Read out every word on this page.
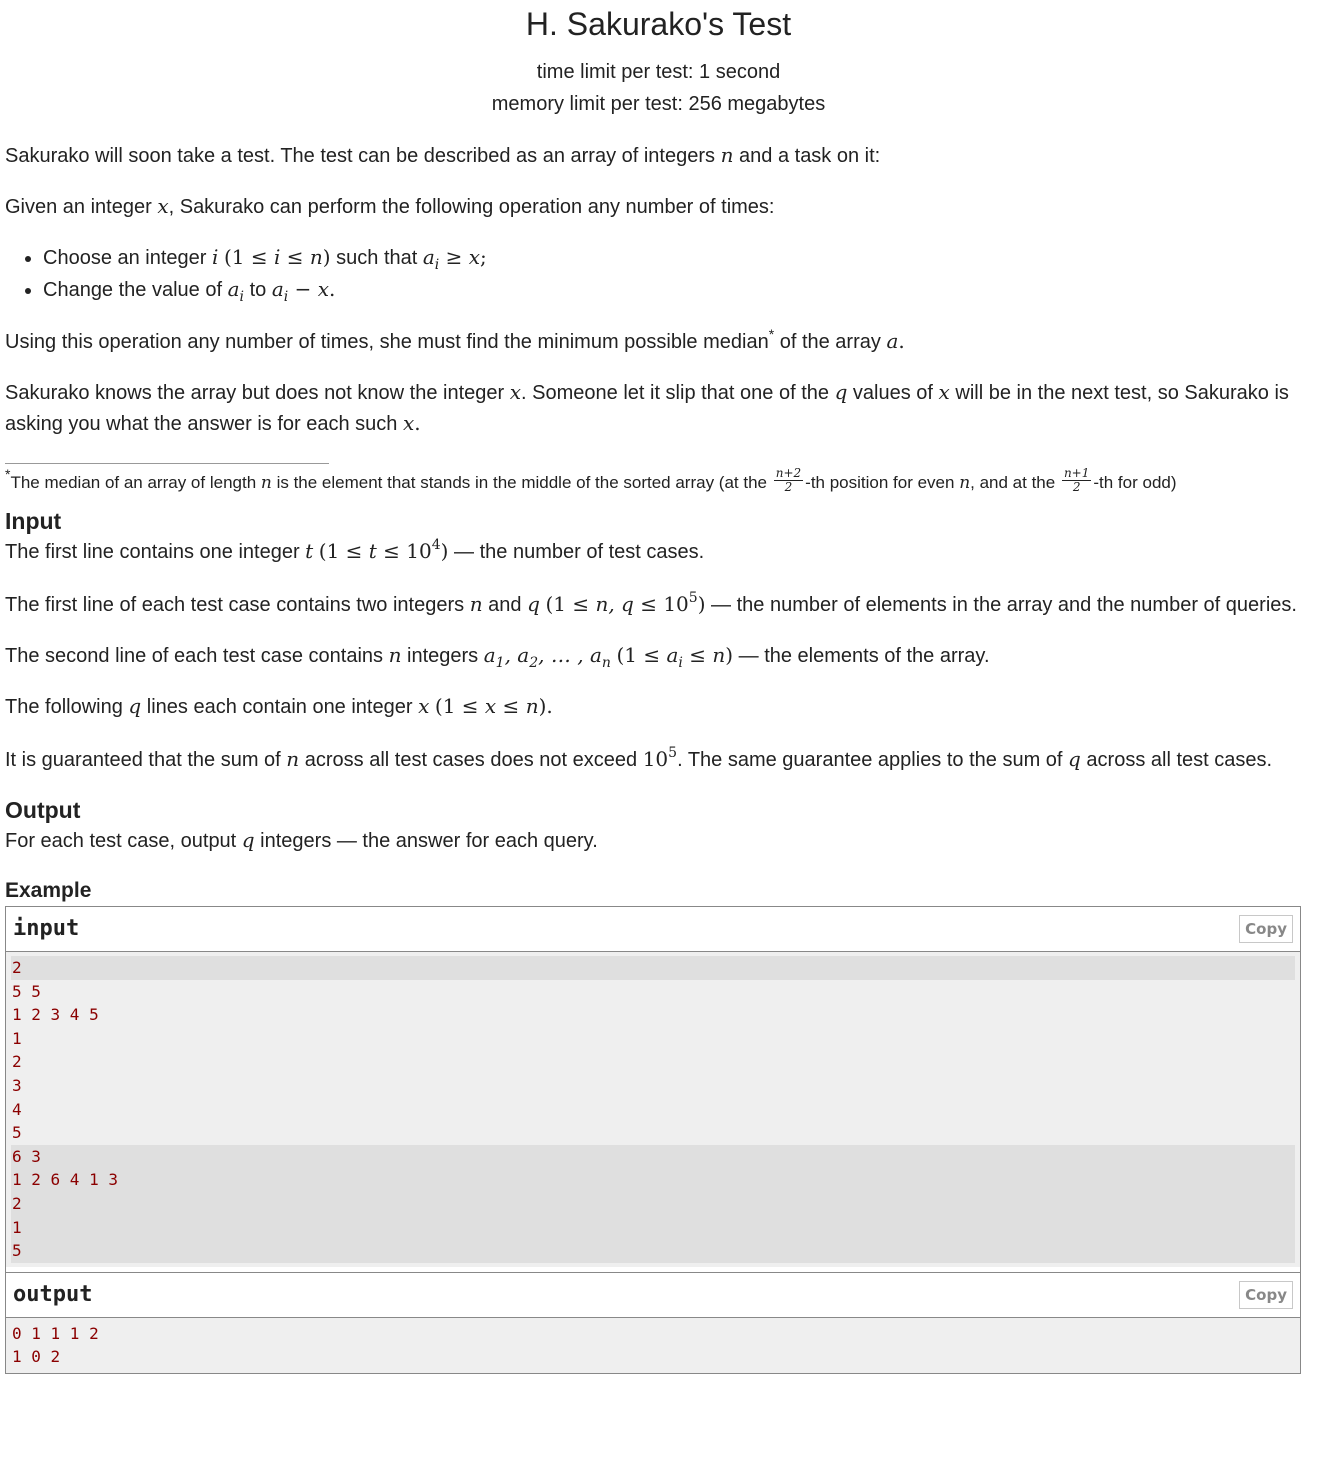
H. Sakurako's Test
time limit per test: 1 second
memory limit per test: 256 megabytes

Sakurako will soon take a test. The test can be described as an array of integers n and a task on it:

Given an integer x, Sakurako can perform the following operation any number of times:

• Choose an integer i (1 ≤ i ≤ n) such that $a_i \ge x$;
• Change the value of $a_i$ to $a_i - x$.

Using this operation any number of times, she must find the minimum possible median* of the array a.

Sakurako knows the array but does not know the integer x. Someone let it slip that one of the q values of x will be in the next test, so Sakurako is asking you what the answer is for each such x.

*The median of an array of length n is the element that stands in the middle of the sorted array (at the $\frac{n+2}{2} -th$ position for even n, and at the $\frac{n+1}{2} -th$ for odd)
Input

The first line contains one integer t $(1 \le t \le 10^4)$ — the number of test cases.

The first line of each test case contains two integers n and q (1 ≤ n, $q \le 10^5$) — the number of elements in the array and the number of queries.

The second line of each test case contains n integers $a_1$, $a_2$, … , $a_n$ $(1 \le a_i \le n)$ — the elements of the array.

The following q lines each contain one integer x (1 ≤ x ≤ n).

It is guaranteed that the sum of n across all test cases does not exceed $10^5$. The same guarantee applies to the sum of q across all test cases.

Output

For each test case, output q integers — the answer for each query.

Example
input	Copy
2
5 5
1 2 3 4 5
1
2
3
4
5
6 3
1 2 6 4 1 3
2
1
5
output	Copy
0 1 1 1 2
1 0 2
